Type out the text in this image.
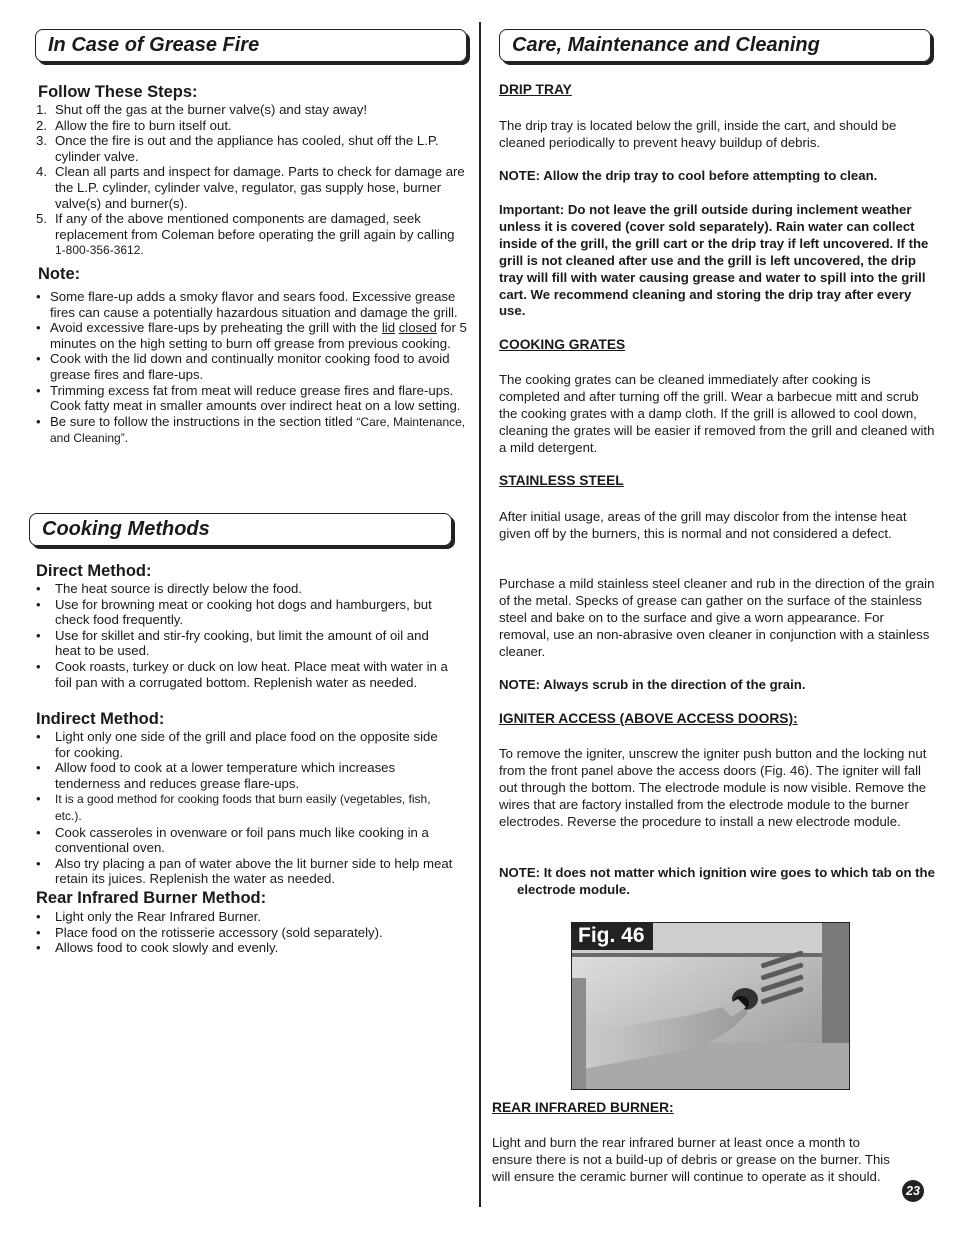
In Case of Grease Fire
Follow These Steps:
1. Shut off the gas at the burner valve(s) and stay away!
2. Allow the fire to burn itself out.
3. Once the fire is out and the appliance has cooled, shut off the L.P. cylinder valve.
4. Clean all parts and inspect for damage. Parts to check for damage are the L.P. cylinder, cylinder valve, regulator, gas supply hose, burner valve(s) and burner(s).
5. If any of the above mentioned components are damaged, seek replacement from Coleman before operating the grill again by calling 1-800-356-3612.
Note:
• Some flare-up adds a smoky flavor and sears food. Excessive grease fires can cause a potentially hazardous situation and damage the grill.
• Avoid excessive flare-ups by preheating the grill with the lid closed for 5 minutes on the high setting to burn off grease from previous cooking.
• Cook with the lid down and continually monitor cooking food to avoid grease fires and flare-ups.
• Trimming excess fat from meat will reduce grease fires and flare-ups. Cook fatty meat in smaller amounts over indirect heat on a low setting.
• Be sure to follow the instructions in the section titled “Care, Maintenance, and Cleaning”.
Cooking Methods
Direct Method:
• The heat source is directly below the food.
• Use for browning meat or cooking hot dogs and hamburgers, but check food frequently.
• Use for skillet and stir-fry cooking, but limit the amount of oil and heat to be used.
• Cook roasts, turkey or duck on low heat. Place meat with water in a foil pan with a corrugated bottom. Replenish water as needed.
Indirect Method:
• Light only one side of the grill and place food on the opposite side for cooking.
• Allow food to cook at a lower temperature which increases tenderness and reduces grease flare-ups.
• It is a good method for cooking foods that burn easily (vegetables, fish, etc.).
• Cook casseroles in ovenware or foil pans much like cooking in a conventional oven.
• Also try placing a pan of water above the lit burner side to help meat retain its juices. Replenish the water as needed.
Rear Infrared Burner Method:
• Light only the Rear Infrared Burner.
• Place food on the rotisserie accessory (sold separately).
• Allows food to cook slowly and evenly.
Care, Maintenance and Cleaning

DRIP TRAY

The drip tray is located below the grill, inside the cart, and should be cleaned periodically to prevent heavy buildup of debris.

NOTE: Allow the drip tray to cool before attempting to clean.

Important: Do not leave the grill outside during inclement weather unless it is covered (cover sold separately). Rain water can collect inside of the grill, the grill cart or the drip tray if left uncovered. If the grill is not cleaned after use and the grill is left uncovered, the drip tray will fill with water causing grease and water to spill into the grill cart. We recommend cleaning and storing the drip tray after every use.

COOKING GRATES

The cooking grates can be cleaned immediately after cooking is completed and after turning off the grill. Wear a barbecue mitt and scrub the cooking grates with a damp cloth. If the grill is allowed to cool down, cleaning the grates will be easier if removed from the grill and cleaned with a mild detergent.

STAINLESS STEEL

After initial usage, areas of the grill may discolor from the intense heat given off by the burners, this is normal and not considered a defect.

Purchase a mild stainless steel cleaner and rub in the direction of the grain of the metal. Specks of grease can gather on the surface of the stainless steel and bake on to the surface and give a worn appearance. For removal, use an non-abrasive oven cleaner in conjunction with a stainless cleaner.

NOTE: Always scrub in the direction of the grain.

IGNITER ACCESS (ABOVE ACCESS DOORS):

To remove the igniter, unscrew the igniter push button and the locking nut from the front panel above the access doors (Fig. 46). The igniter will fall out through the bottom. The electrode module is now visible. Remove the wires that are factory installed from the electrode module to the burner electrodes. Reverse the procedure to install a new electrode module.

NOTE: It does not matter which ignition wire goes to which tab on the electrode module.

Fig. 46

REAR INFRARED BURNER:

Light and burn the rear infrared burner at least once a month to ensure there is not a build-up of debris or grease on the burner. This will ensure the ceramic burner will continue to operate as it should.

23
